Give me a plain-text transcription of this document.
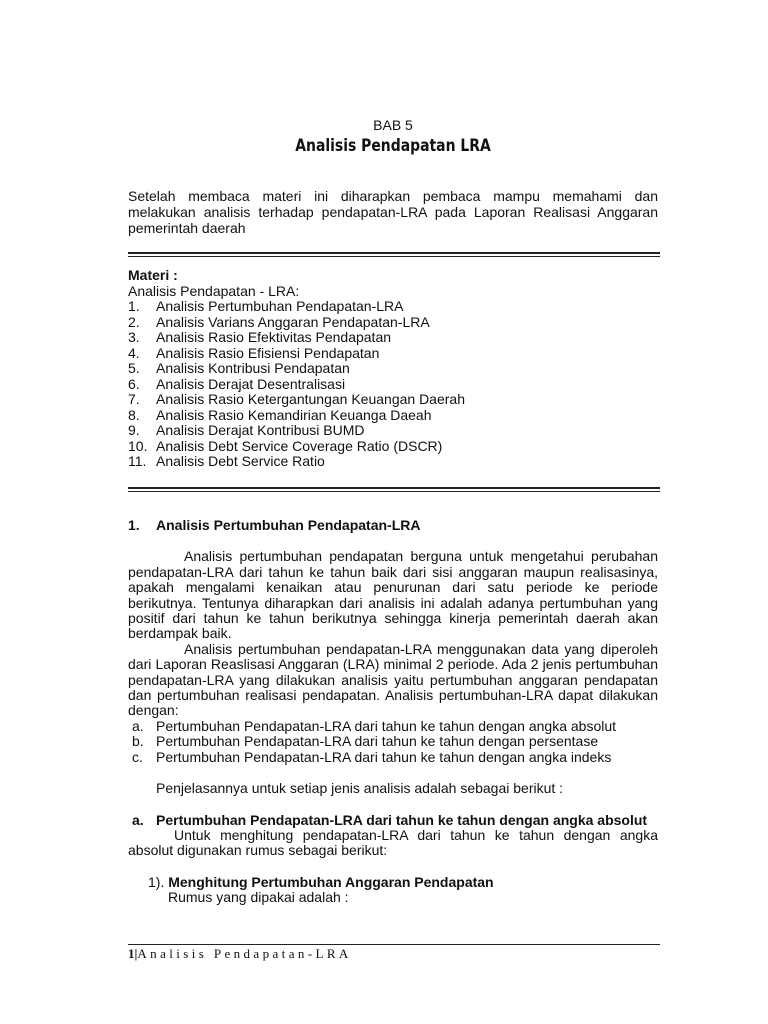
BAB 5
Analisis Pendapatan LRA
Setelah membaca materi ini diharapkan pembaca mampu memahami dan melakukan analisis terhadap pendapatan-LRA pada Laporan Realisasi Anggaran pemerintah daerah
Materi :
Analisis Pendapatan - LRA:
1. Analisis Pertumbuhan Pendapatan-LRA
2. Analisis Varians Anggaran Pendapatan-LRA
3. Analisis Rasio Efektivitas Pendapatan
4. Analisis Rasio Efisiensi Pendapatan
5. Analisis Kontribusi Pendapatan
6. Analisis Derajat Desentralisasi
7. Analisis Rasio Ketergantungan Keuangan Daerah
8. Analisis Rasio Kemandirian Keuanga Daeah
9. Analisis Derajat Kontribusi BUMD
10. Analisis Debt Service Coverage Ratio (DSCR)
11. Analisis Debt Service Ratio
1. Analisis Pertumbuhan Pendapatan-LRA

Analisis pertumbuhan pendapatan berguna untuk mengetahui perubahan pendapatan-LRA dari tahun ke tahun baik dari sisi anggaran maupun realisasinya, apakah mengalami kenaikan atau penurunan dari satu periode ke periode berikutnya. Tentunya diharapkan dari analisis ini adalah adanya pertumbuhan yang positif dari tahun ke tahun berikutnya sehingga kinerja pemerintah daerah akan berdampak baik.

Analisis pertumbuhan pendapatan-LRA menggunakan data yang diperoleh dari Laporan Reaslisasi Anggaran (LRA) minimal 2 periode. Ada 2 jenis pertumbuhan pendapatan-LRA yang dilakukan analisis yaitu pertumbuhan anggaran pendapatan dan pertumbuhan realisasi pendapatan. Analisis pertumbuhan-LRA dapat dilakukan dengan:

a. Pertumbuhan Pendapatan-LRA dari tahun ke tahun dengan angka absolut
b. Pertumbuhan Pendapatan-LRA dari tahun ke tahun dengan persentase
c. Pertumbuhan Pendapatan-LRA dari tahun ke tahun dengan angka indeks
Penjelasannya untuk setiap jenis analisis adalah sebagai berikut :
a. Pertumbuhan Pendapatan-LRA dari tahun ke tahun dengan angka absolut

Untuk menghitung pendapatan-LRA dari tahun ke tahun dengan angka absolut digunakan rumus sebagai berikut:

1). Menghitung Pertumbuhan Anggaran Pendapatan
Rumus yang dipakai adalah :
1|Analisis Pendapatan-LRA
